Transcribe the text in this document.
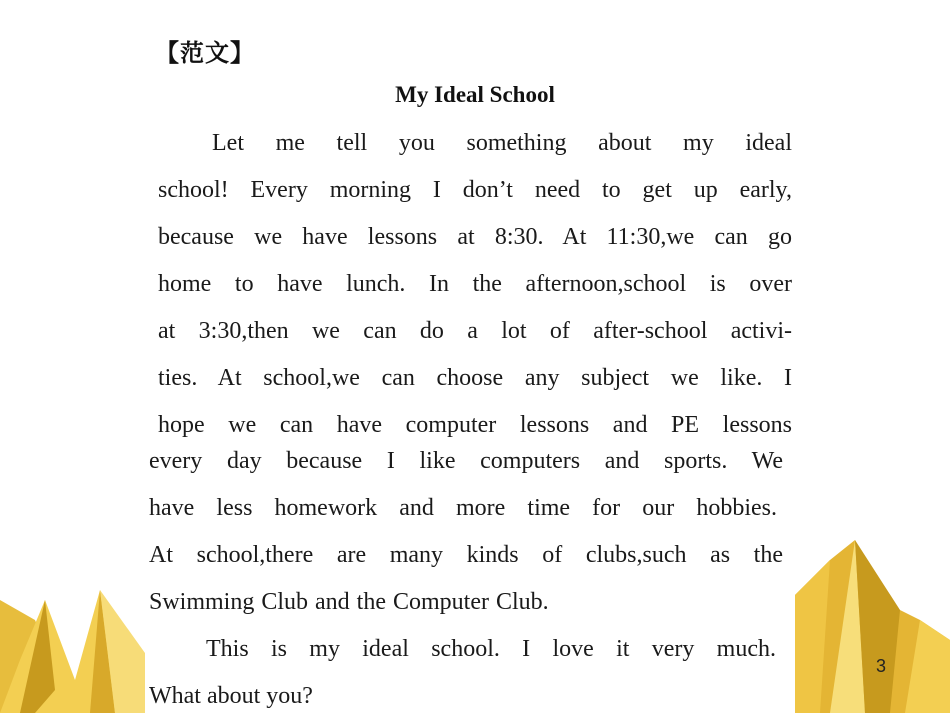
【范文】
My Ideal School
Let me tell you something about my ideal
school! Every morning I don’t need to get up early,
because we have lessons at 8:30. At 11:30,we can go
home to have lunch. In the afternoon,school is over
at 3:30,then we can do a lot of after-school activi-
ties. At school,we can choose any subject we like. I
hope we can have computer lessons and PE lessons
every day because I like computers and sports. We
have less homework and more time for our hobbies.
At school,there are many kinds of clubs,such as the
Swimming Club and the Computer Club.
This is my ideal school. I love it very much.
What about you?
3
